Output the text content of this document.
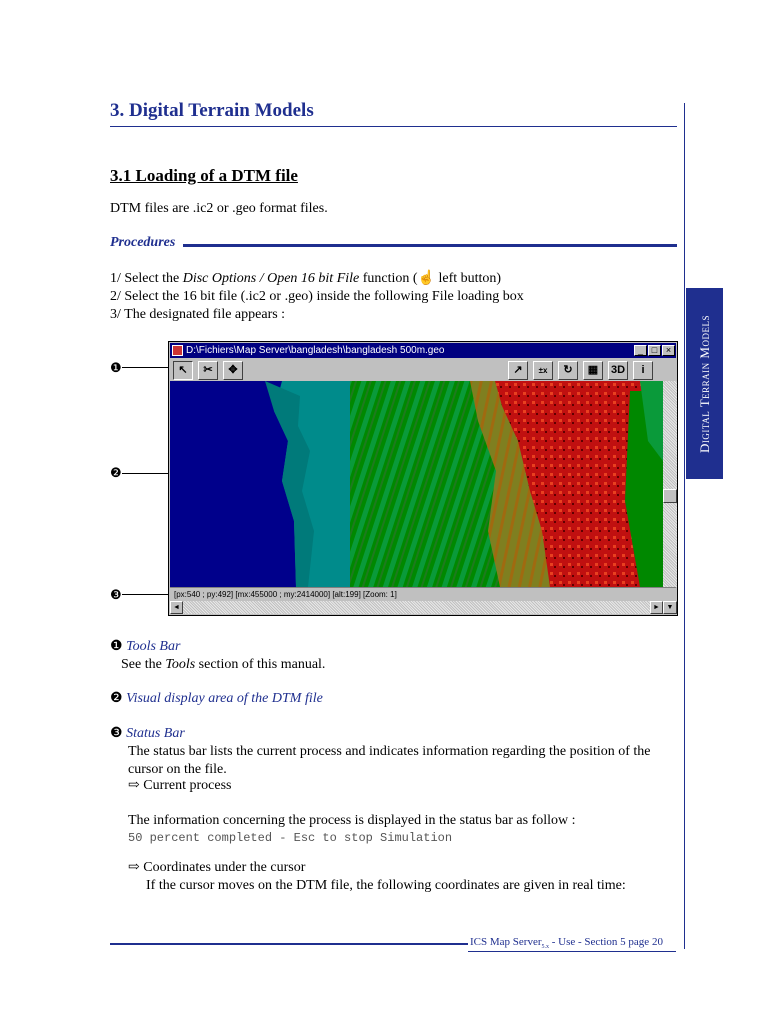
Digital Terrain Models
3. Digital Terrain Models
3.1 Loading of a DTM file
DTM files are .ic2 or .geo format files.
Procedures
1/ Select the Disc Options / Open 16 bit File function (☝ left button)
2/ Select the 16 bit file (.ic2 or .geo) inside the following File loading box
3/ The designated file appears :
❶
❷
❸
D:\Fichiers\Map Server\bangladesh\bangladesh 500m.geo	_ □ ×
↖	✂	✥	↗	±x	↻	▦	3D	i
[px:540 ; py:492] [mx:455000 ; my:2414000] [alt:199] [Zoom: 1]
◄	► ▼
❶ Tools Bar
See the Tools section of this manual.
❷ Visual display area of the DTM file
❸ Status Bar
The status bar lists the current process and indicates information regarding the position of the cursor on the file.
⇨ Current process
The information concerning the process is displayed in the status bar as follow :
50 percent completed - Esc to stop Simulation
⇨ Coordinates under the cursor
If the cursor moves on the DTM file, the following coordinates are given in real time:
ICS Map Server$_{5.x}$ - Use - Section 5 page 20
